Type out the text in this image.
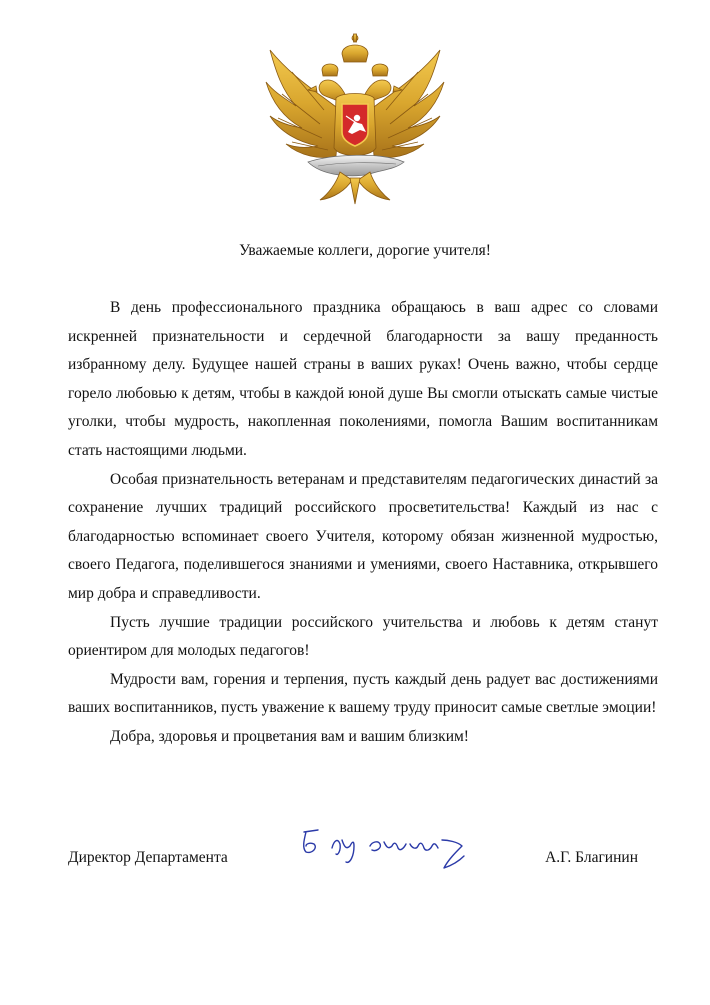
Уважаемые коллеги, дорогие учителя!

В день профессионального праздника обращаюсь в ваш адрес со словами искренней признательности и сердечной благодарности за вашу преданность избранному делу. Будущее нашей страны в ваших руках! Очень важно, чтобы сердце горело любовью к детям, чтобы в каждой юной душе Вы смогли отыскать самые чистые уголки, чтобы мудрость, накопленная поколениями, помогла Вашим воспитанникам стать настоящими людьми.

Особая признательность ветеранам и представителям педагогических династий за сохранение лучших традиций российского просветительства! Каждый из нас с благодарностью вспоминает своего Учителя, которому обязан жизненной мудростью, своего Педагога, поделившегося знаниями и умениями, своего Наставника, открывшего мир добра и справедливости.

Пусть лучшие традиции российского учительства и любовь к детям станут ориентиром для молодых педагогов!

Мудрости вам, горения и терпения, пусть каждый день радует вас достижениями ваших воспитанников, пусть уважение к вашему труду приносит самые светлые эмоции!

Добра, здоровья и процветания вам и вашим близким!

Директор Департамента	А.Г. Благинин
